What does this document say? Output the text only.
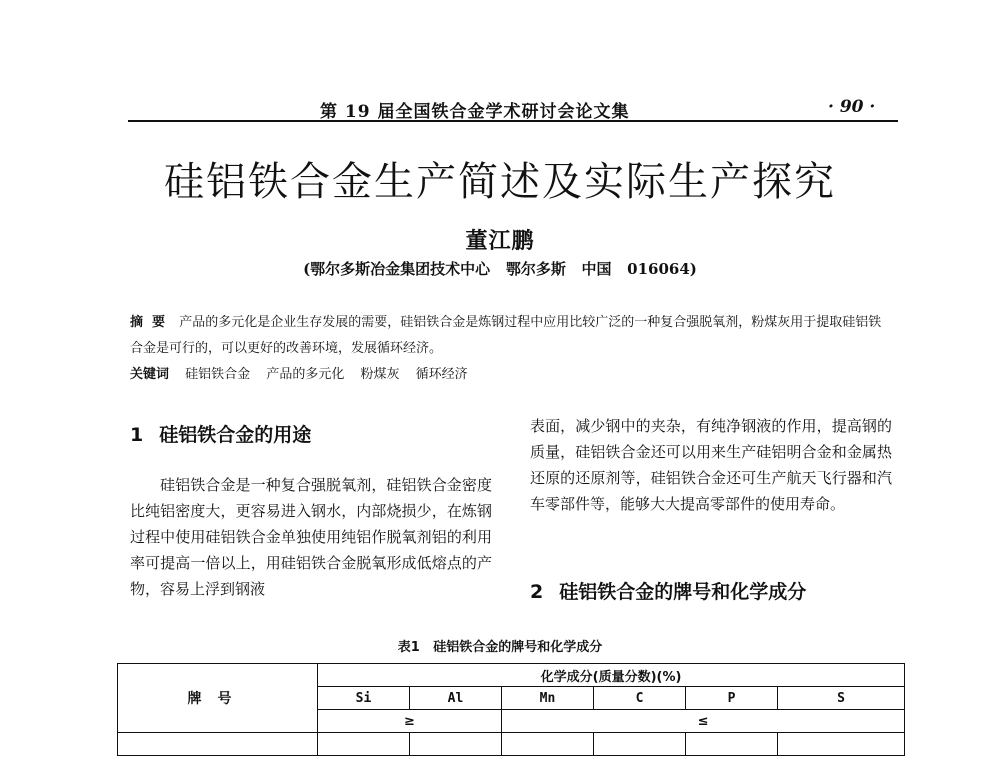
第 19 届全国铁合金学术研讨会论文集	· 90 ·
硅铝铁合金生产简述及实际生产探究
董江鹏
(鄂尔多斯冶金集团技术中心   鄂尔多斯   中国   016064)
摘  要 产品的多元化是企业生存发展的需要，硅铝铁合金是炼钢过程中应用比较广泛的一种复合强脱氧剂，粉煤灰用于提取硅铝铁合金是可行的，可以更好的改善环境，发展循环经济。
关键词 硅铝铁合金 产品的多元化 粉煤灰 循环经济
1 硅铝铁合金的用途

硅铝铁合金是一种复合强脱氧剂，硅铝铁合金密度比纯铝密度大，更容易进入钢水，内部烧损少，在炼钢过程中使用硅铝铁合金单独使用纯铝作脱氧剂铝的利用率可提高一倍以上，用硅铝铁合金脱氧形成低熔点的产物，容易上浮到钢液

表面，减少钢中的夹杂，有纯净钢液的作用，提高钢的质量，硅铝铁合金还可以用来生产硅铝明合金和金属热还原的还原剂等，硅铝铁合金还可生产航天飞行器和汽车零部件等，能够大大提高零部件的使用寿命。

2 硅铝铁合金的牌号和化学成分
表1   硅铝铁合金的牌号和化学成分
牌号	化学成分(质量分数)(%)					
	Si	Al	Mn	C	P	S
	≥		≤			
